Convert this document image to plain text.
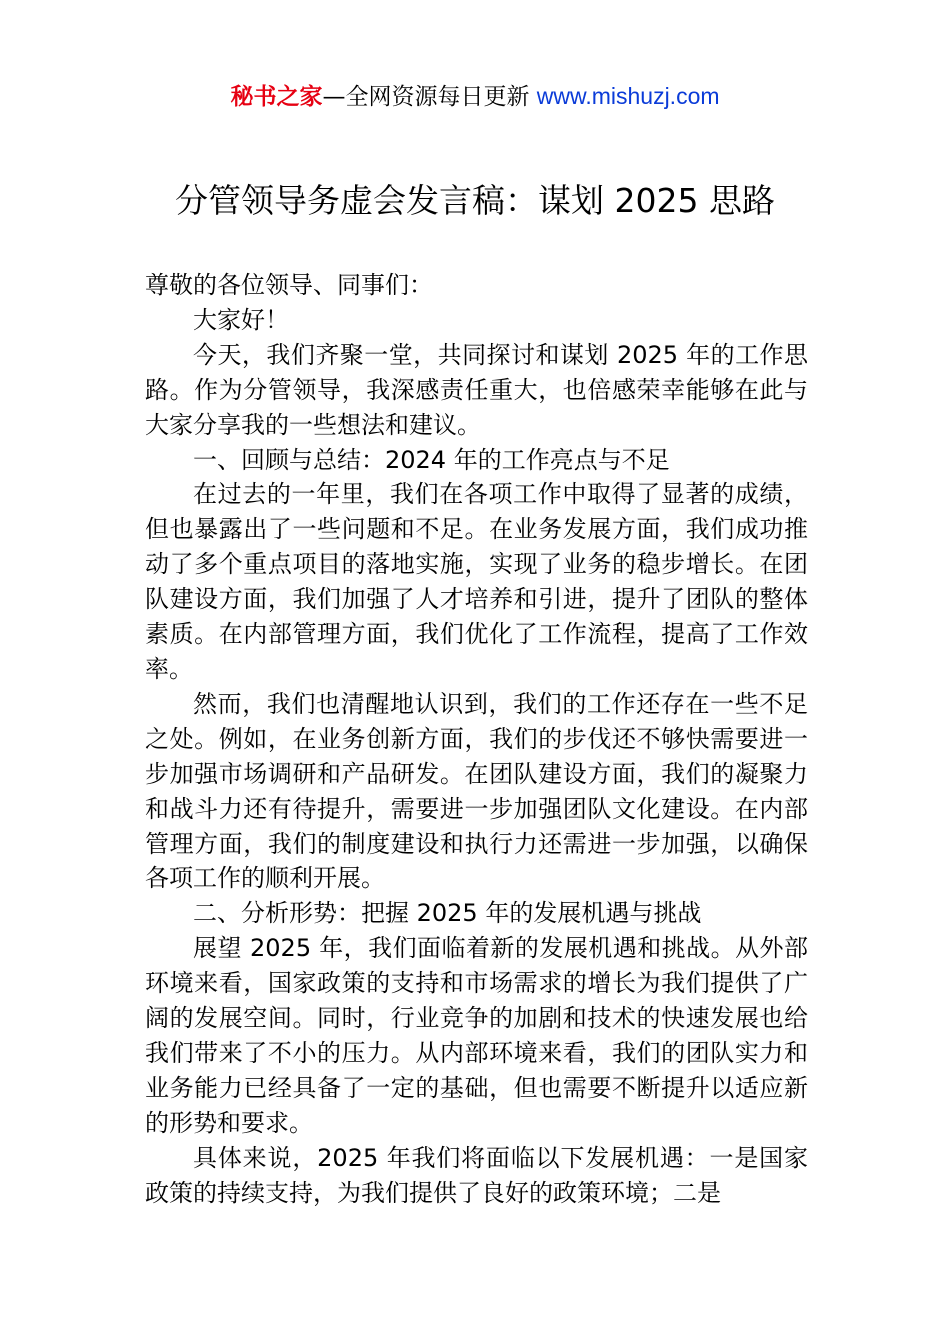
秘书之家—全网资源每日更新 www.mishuzj.com
分管领导务虚会发言稿：谋划 2025 思路

尊敬的各位领导、同事们：

大家好！

今天，我们齐聚一堂，共同探讨和谋划 2025 年的工作思路。作为分管领导，我深感责任重大，也倍感荣幸能够在此与大家分享我的一些想法和建议。

一、回顾与总结：2024 年的工作亮点与不足

在过去的一年里，我们在各项工作中取得了显著的成绩，但也暴露出了一些问题和不足。在业务发展方面，我们成功推动了多个重点项目的落地实施，实现了业务的稳步增长。在团队建设方面，我们加强了人才培养和引进，提升了团队的整体素质。在内部管理方面，我们优化了工作流程，提高了工作效率。

然而，我们也清醒地认识到，我们的工作还存在一些不足之处。例如，在业务创新方面，我们的步伐还不够快需要进一步加强市场调研和产品研发。在团队建设方面，我们的凝聚力和战斗力还有待提升，需要进一步加强团队文化建设。在内部管理方面，我们的制度建设和执行力还需进一步加强，以确保各项工作的顺利开展。

二、分析形势：把握 2025 年的发展机遇与挑战

展望 2025 年，我们面临着新的发展机遇和挑战。从外部环境来看，国家政策的支持和市场需求的增长为我们提供了广阔的发展空间。同时，行业竞争的加剧和技术的快速发展也给我们带来了不小的压力。从内部环境来看，我们的团队实力和业务能力已经具备了一定的基础，但也需要不断提升以适应新的形势和要求。

具体来说，2025 年我们将面临以下发展机遇：一是国家政策的持续支持，为我们提供了良好的政策环境；二是
